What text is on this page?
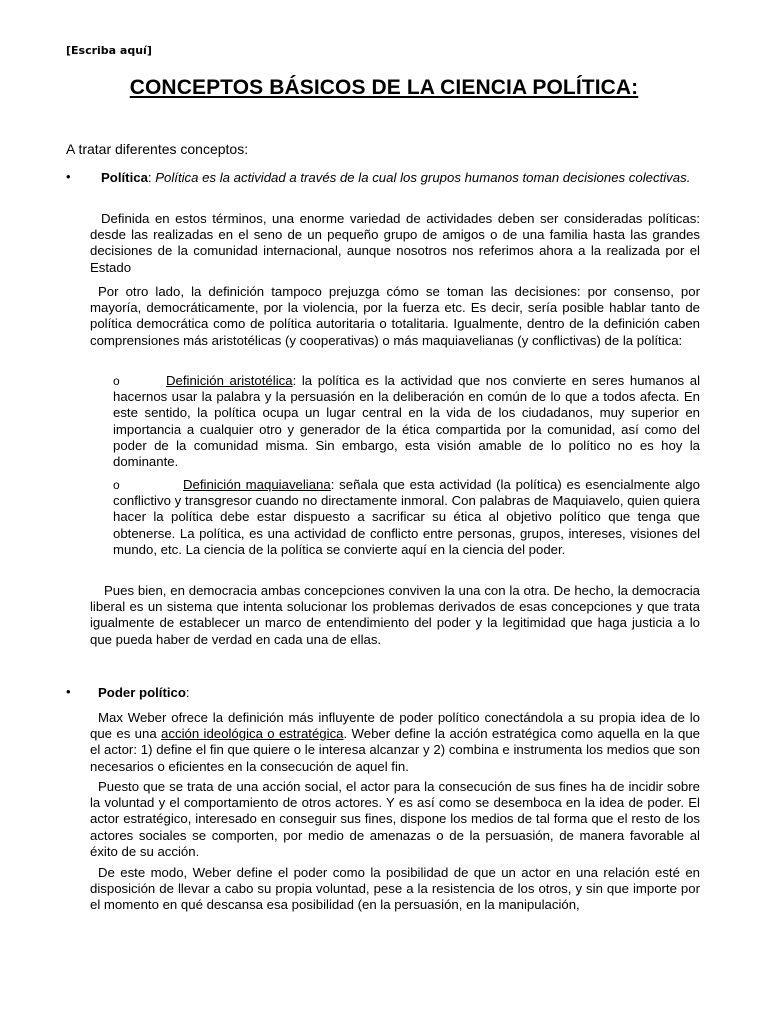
[Escriba aquí]
CONCEPTOS BÁSICOS DE LA CIENCIA POLÍTICA:
A tratar diferentes conceptos:
•	Política: Política es la actividad a través de la cual los grupos humanos toman decisiones colectivas.
Definida en estos términos, una enorme variedad de actividades deben ser consideradas políticas: desde las realizadas en el seno de un pequeño grupo de amigos o de una familia hasta las grandes decisiones de la comunidad internacional, aunque nosotros nos referimos ahora a la realizada por el Estado
Por otro lado, la definición tampoco prejuzga cómo se toman las decisiones: por consenso, por mayoría, democráticamente, por la violencia, por la fuerza etc. Es decir, sería posible hablar tanto de política democrática como de política autoritaria o totalitaria. Igualmente, dentro de la definición caben comprensiones más aristotélicas (y cooperativas) o más maquiavelianas (y conflictivas) de la política:
o	Definición aristotélica: la política es la actividad que nos convierte en seres humanos al hacernos usar la palabra y la persuasión en la deliberación en común de lo que a todos afecta. En este sentido, la política ocupa un lugar central en la vida de los ciudadanos, muy superior en importancia a cualquier otro y generador de la ética compartida por la comunidad, así como del poder de la comunidad misma. Sin embargo, esta visión amable de lo político no es hoy la dominante.
o	Definición maquiaveliana: señala que esta actividad (la política) es esencialmente algo conflictivo y transgresor cuando no directamente inmoral. Con palabras de Maquiavelo, quien quiera hacer la política debe estar dispuesto a sacrificar su ética al objetivo político que tenga que obtenerse. La política, es una actividad de conflicto entre personas, grupos, intereses, visiones del mundo, etc. La ciencia de la política se convierte aquí en la ciencia del poder.
Pues bien, en democracia ambas concepciones conviven la una con la otra. De hecho, la democracia liberal es un sistema que intenta solucionar los problemas derivados de esas concepciones y que trata igualmente de establecer un marco de entendimiento del poder y la legitimidad que haga justicia a lo que pueda haber de verdad en cada una de ellas.
• Poder político:
Max Weber ofrece la definición más influyente de poder político conectándola a su propia idea de lo que es una acción ideológica o estratégica. Weber define la acción estratégica como aquella en la que el actor: 1) define el fin que quiere o le interesa alcanzar y 2) combina e instrumenta los medios que son necesarios o eficientes en la consecución de aquel fin.
Puesto que se trata de una acción social, el actor para la consecución de sus fines ha de incidir sobre la voluntad y el comportamiento de otros actores. Y es así como se desemboca en la idea de poder. El actor estratégico, interesado en conseguir sus fines, dispone los medios de tal forma que el resto de los actores sociales se comporten, por medio de amenazas o de la persuasión, de manera favorable al éxito de su acción.
De este modo, Weber define el poder como la posibilidad de que un actor en una relación esté en disposición de llevar a cabo su propia voluntad, pese a la resistencia de los otros, y sin que importe por el momento en qué descansa esa posibilidad (en la persuasión, en la manipulación,
